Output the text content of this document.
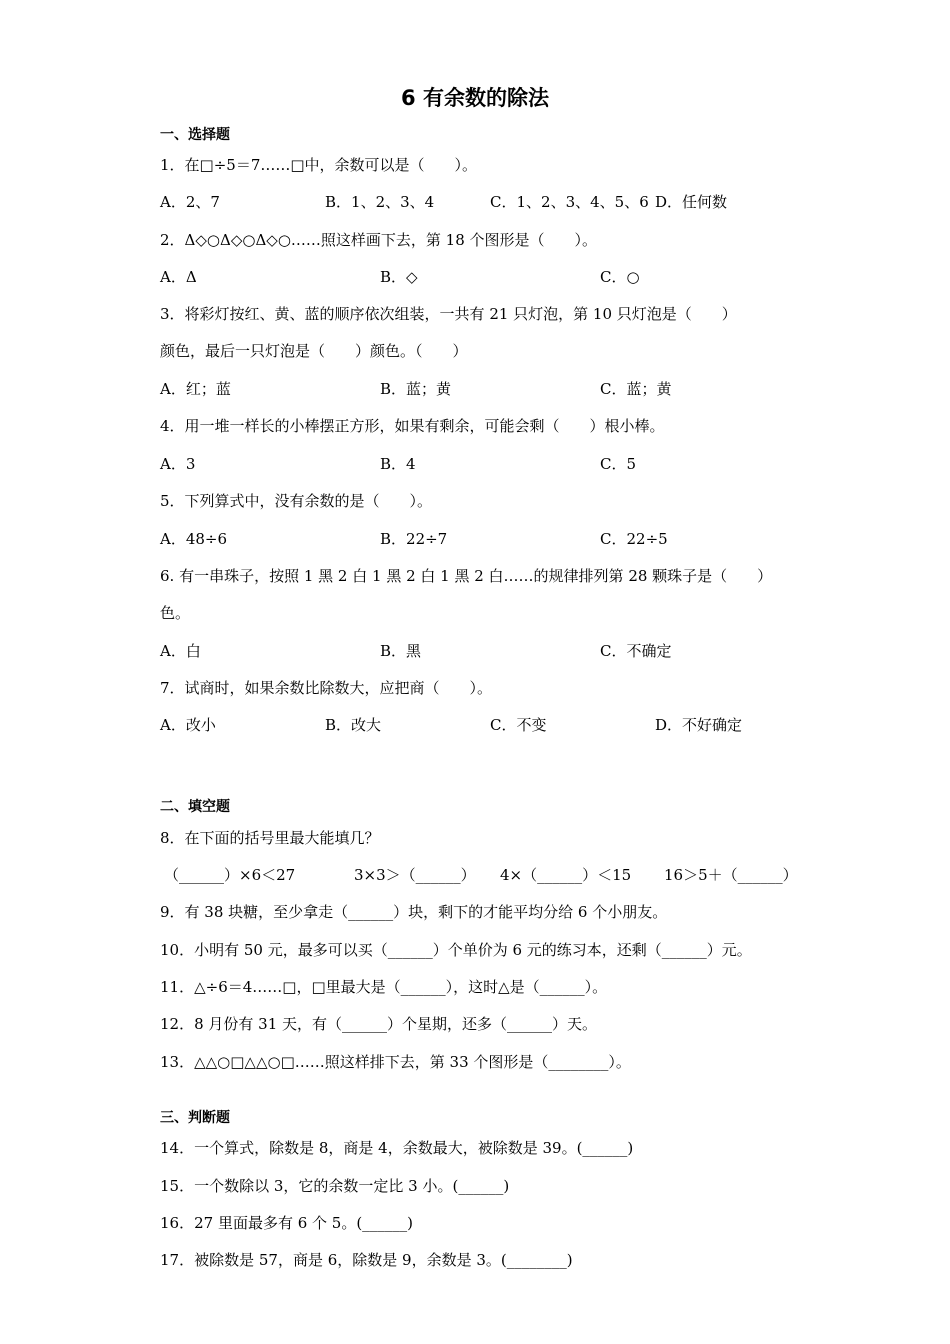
6 有余数的除法
一、选择题
1．在□÷5＝7……□中，余数可以是（　　）。
A．2、7	B．1、2、3、4	C．1、2、3、4、5、6 D．任何数
2．Δ◇○Δ◇○Δ◇○……照这样画下去，第 18 个图形是（　　）。
A．Δ	B．◇	C．○
3．将彩灯按红、黄、蓝的顺序依次组装，一共有 21 只灯泡，第 10 只灯泡是（　　）
颜色，最后一只灯泡是（　　）颜色。（　　）
A．红；蓝	B．蓝；黄	C．蓝；黄
4．用一堆一样长的小棒摆正方形，如果有剩余，可能会剩（　　）根小棒。
A．3	B．4	C．5
5．下列算式中，没有余数的是（　　）。
A．48÷6	B．22÷7	C．22÷5
6. 有一串珠子，按照 1 黑 2 白 1 黑 2 白 1 黑 2 白……的规律排列第 28 颗珠子是（　　）
色。
A．白	B．黑	C．不确定
7．试商时，如果余数比除数大，应把商（　　）。
A．改小	B．改大	C．不变	D．不好确定
二、填空题
8．在下面的括号里最大能填几？
（______）×6＜27	3×3＞（______） 4×（______）＜15 16＞5＋（______）
9．有 38 块糖，至少拿走（______）块，剩下的才能平均分给 6 个小朋友。
10．小明有 50 元，最多可以买（______）个单价为 6 元的练习本，还剩（______）元。
11．△÷6＝4……□，□里最大是（______），这时△是（______）。
12．8 月份有 31 天，有（______）个星期，还多（______）天。
13．△△○□△△○□……照这样排下去，第 33 个图形是（________）。
三、判断题
14．一个算式，除数是 8，商是 4，余数最大，被除数是 39。(______)
15．一个数除以 3，它的余数一定比 3 小。(______)
16．27 里面最多有 6 个 5。(______)
17．被除数是 57，商是 6，除数是 9，余数是 3。(________)
